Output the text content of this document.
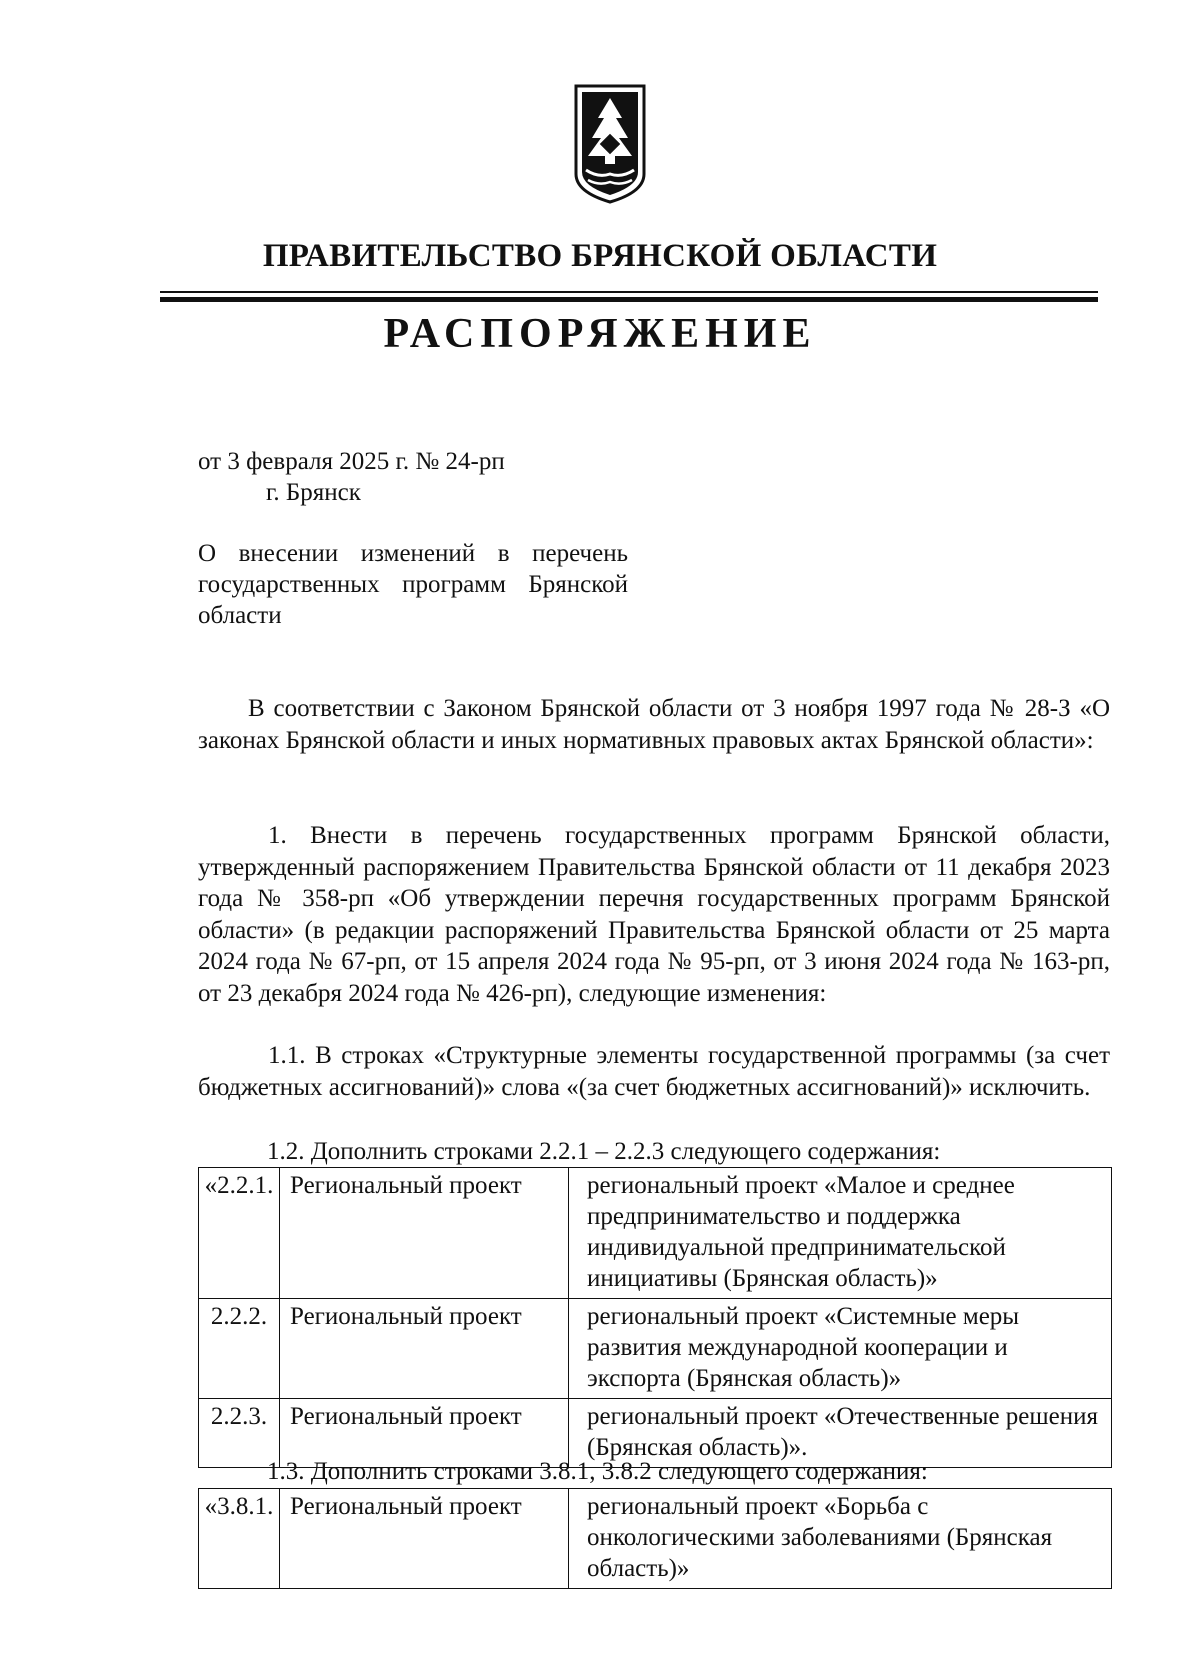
ПРАВИТЕЛЬСТВО БРЯНСКОЙ ОБЛАСТИ
РАСПОРЯЖЕНИЕ
от 3 февраля 2025 г. № 24-рп
г. Брянск
О внесении изменений в перечень государственных программ Брянской области
В соответствии с Законом Брянской области от 3 ноября 1997 года № 28-З «О законах Брянской области и иных нормативных правовых актах Брянской области»:
1. Внести в перечень государственных программ Брянской области, утвержденный распоряжением Правительства Брянской области от 11 декабря 2023 года № 358-рп «Об утверждении перечня государственных программ Брянской области» (в редакции распоряжений Правительства Брянской области от 25 марта 2024 года № 67-рп, от 15 апреля 2024 года № 95-рп, от 3 июня 2024 года № 163-рп, от 23 декабря 2024 года № 426-рп), следующие изменения:
1.1. В строках «Структурные элементы государственной программы (за счет бюджетных ассигнований)» слова «(за счет бюджетных ассигнований)» исключить.
1.2. Дополнить строками 2.2.1 – 2.2.3 следующего содержания:
«2.2.1.	Региональный проект	региональный проект «Малое и среднее предпринимательство и поддержка индивидуальной предпринимательской инициативы (Брянская область)»
2.2.2.	Региональный проект	региональный проект «Системные меры развития международной кооперации и экспорта (Брянская область)»
2.2.3.	Региональный проект	региональный проект «Отечественные решения (Брянская область)».
1.3. Дополнить строками 3.8.1, 3.8.2 следующего содержания:
«3.8.1.	Региональный проект	региональный проект «Борьба с онкологическими заболеваниями (Брянская область)»
